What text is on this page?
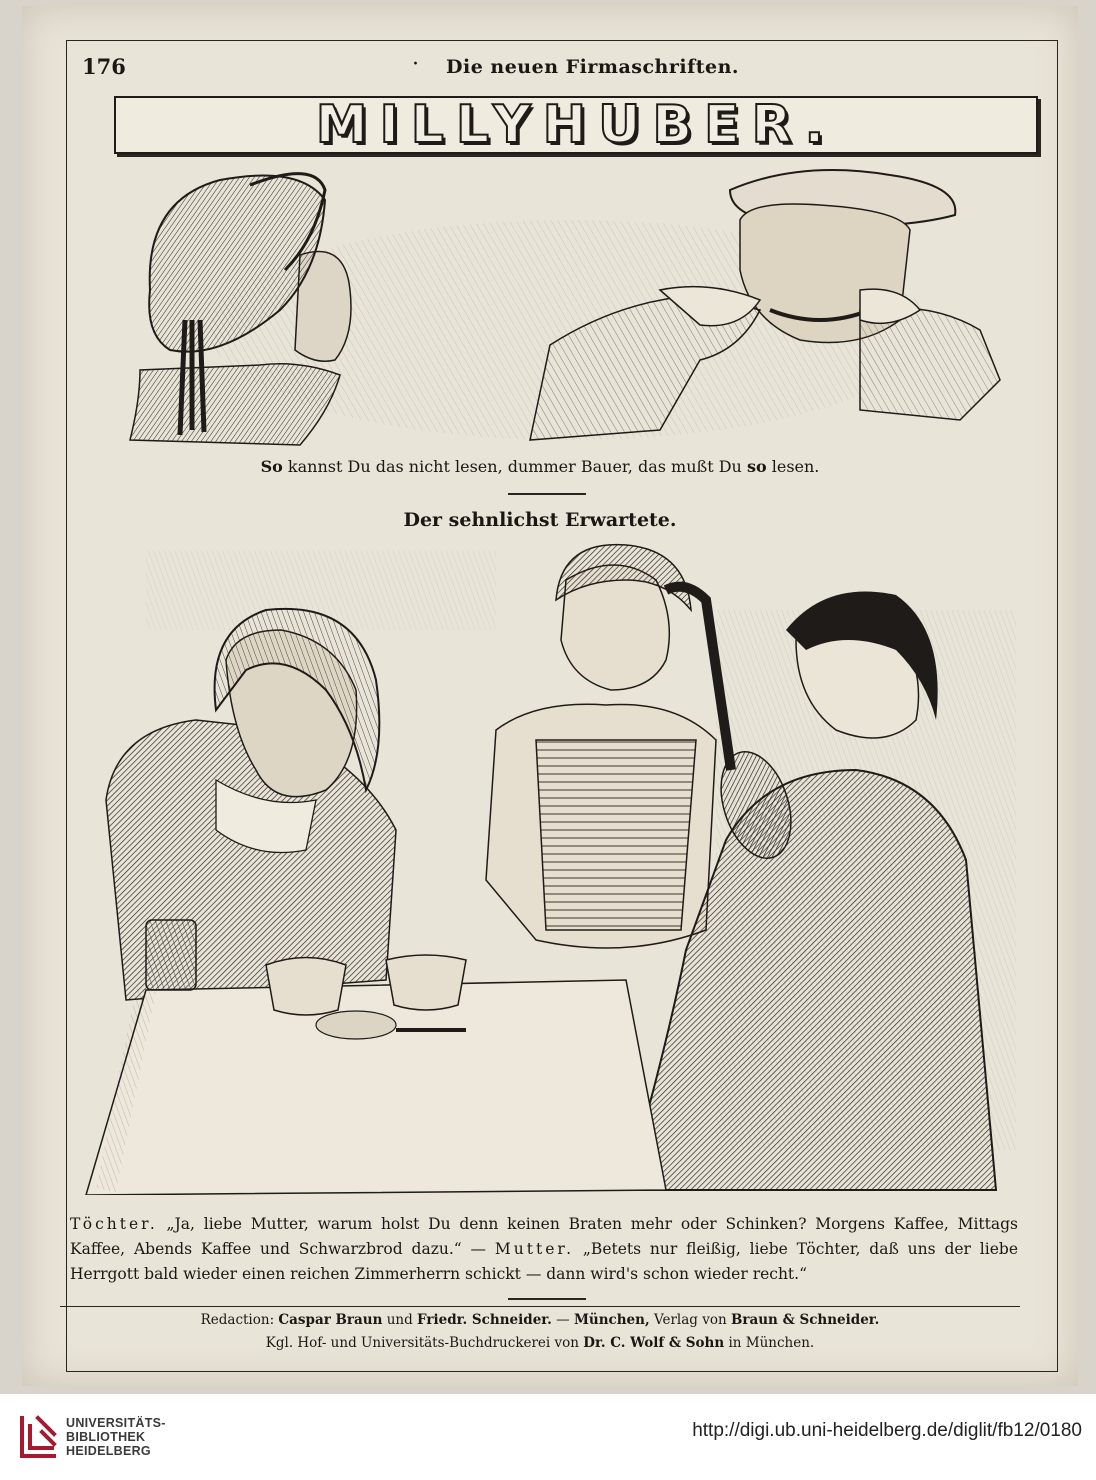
176	· Die neuen Firmaschriften.
MILLYHUBER.
So kannst Du das nicht lesen, dummer Bauer, das mußt Du so lesen.
Der sehnlichst Erwartete.
Töchter. „Ja, liebe Mutter, warum holst Du denn keinen Braten mehr oder Schinken? Morgens Kaffee, Mittags Kaffee, Abends Kaffee und Schwarzbrod dazu.“ — Mutter. „Betets nur fleißig, liebe Töchter, daß uns der liebe Herrgott bald wieder einen reichen Zimmerherrn schickt — dann wird's schon wieder recht.“
Redaction: Caspar Braun und Friedr. Schneider. — München, Verlag von Braun & Schneider.
Kgl. Hof- und Universitäts-Buchdruckerei von Dr. C. Wolf & Sohn in München.
UNIVERSITÄTS-
BIBLIOTHEK
HEIDELBERG
http://digi.ub.uni-heidelberg.de/diglit/fb12/0180
